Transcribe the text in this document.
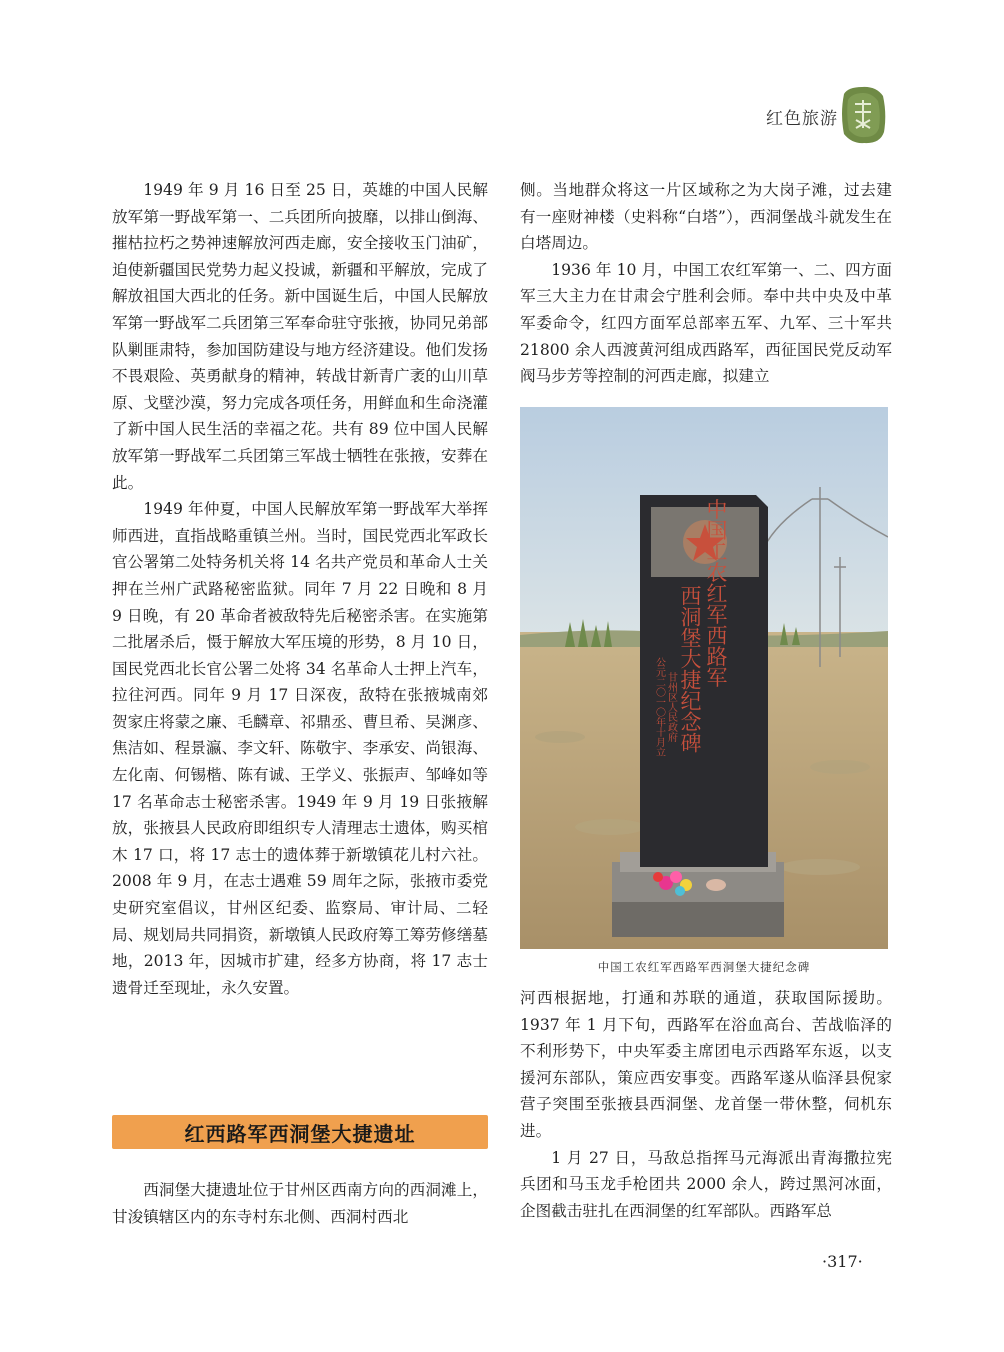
红色旅游

1949 年 9 月 16 日至 25 日，英雄的中国人民解放军第一野战军第一、二兵团所向披靡，以排山倒海、摧枯拉朽之势神速解放河西走廊，安全接收玉门油矿，迫使新疆国民党势力起义投诚，新疆和平解放，完成了解放祖国大西北的任务。新中国诞生后，中国人民解放军第一野战军二兵团第三军奉命驻守张掖，协同兄弟部队剿匪肃特，参加国防建设与地方经济建设。他们发扬不畏艰险、英勇献身的精神，转战甘新青广袤的山川草原、戈壁沙漠，努力完成各项任务，用鲜血和生命浇灌了新中国人民生活的幸福之花。共有 89 位中国人民解放军第一野战军二兵团第三军战士牺牲在张掖，安葬在此。

1949 年仲夏，中国人民解放军第一野战军大举挥师西进，直指战略重镇兰州。当时，国民党西北军政长官公署第二处特务机关将 14 名共产党员和革命人士关押在兰州广武路秘密监狱。同年 7 月 22 日晚和 8 月 9 日晚，有 20 革命者被敌特先后秘密杀害。在实施第二批屠杀后，慑于解放大军压境的形势，8 月 10 日，国民党西北长官公署二处将 34 名革命人士押上汽车，拉往河西。同年 9 月 17 日深夜，敌特在张掖城南郊贺家庄将蒙之廉、毛麟章、祁鼎丞、曹旦希、吴渊彦、焦洁如、程景瀛、李文轩、陈敬宇、李承安、尚银海、左化南、何锡楷、陈有诚、王学义、张振声、邹峰如等 17 名革命志士秘密杀害。1949 年 9 月 19 日张掖解放，张掖县人民政府即组织专人清理志士遗体，购买棺木 17 口，将 17 志士的遗体葬于新墩镇花儿村六社。2008 年 9 月，在志士遇难 59 周年之际，张掖市委党史研究室倡议，甘州区纪委、监察局、审计局、二轻局、规划局共同捐资，新墩镇人民政府筹工筹劳修缮墓地，2013 年，因城市扩建，经多方协商，将 17 志士遗骨迁至现址，永久安置。

红西路军西洞堡大捷遗址

西洞堡大捷遗址位于甘州区西南方向的西洞滩上，甘浚镇辖区内的东寺村东北侧、西洞村西北

侧。当地群众将这一片区域称之为大岗子滩，过去建有一座财神楼（史料称“白塔”），西洞堡战斗就发生在白塔周边。

1936 年 10 月，中国工农红军第一、二、四方面军三大主力在甘肃会宁胜利会师。奉中共中央及中革军委命令，红四方面军总部率五军、九军、三十军共 21800 余人西渡黄河组成西路军，西征国民党反动军阀马步芳等控制的河西走廊，拟建立

中国工农红军西路军
西洞堡大捷纪念碑
甘州区人民政府
公元二〇一〇年十月立
中国工农红军西路军西洞堡大捷纪念碑

河西根据地，打通和苏联的通道，获取国际援助。1937 年 1 月下旬，西路军在浴血高台、苦战临泽的不利形势下，中央军委主席团电示西路军东返，以支援河东部队，策应西安事变。西路军遂从临泽县倪家营子突围至张掖县西洞堡、龙首堡一带休整，伺机东进。

1 月 27 日，马敌总指挥马元海派出青海撒拉宪兵团和马玉龙手枪团共 2000 余人，跨过黑河冰面，企图截击驻扎在西洞堡的红军部队。西路军总

·317·
